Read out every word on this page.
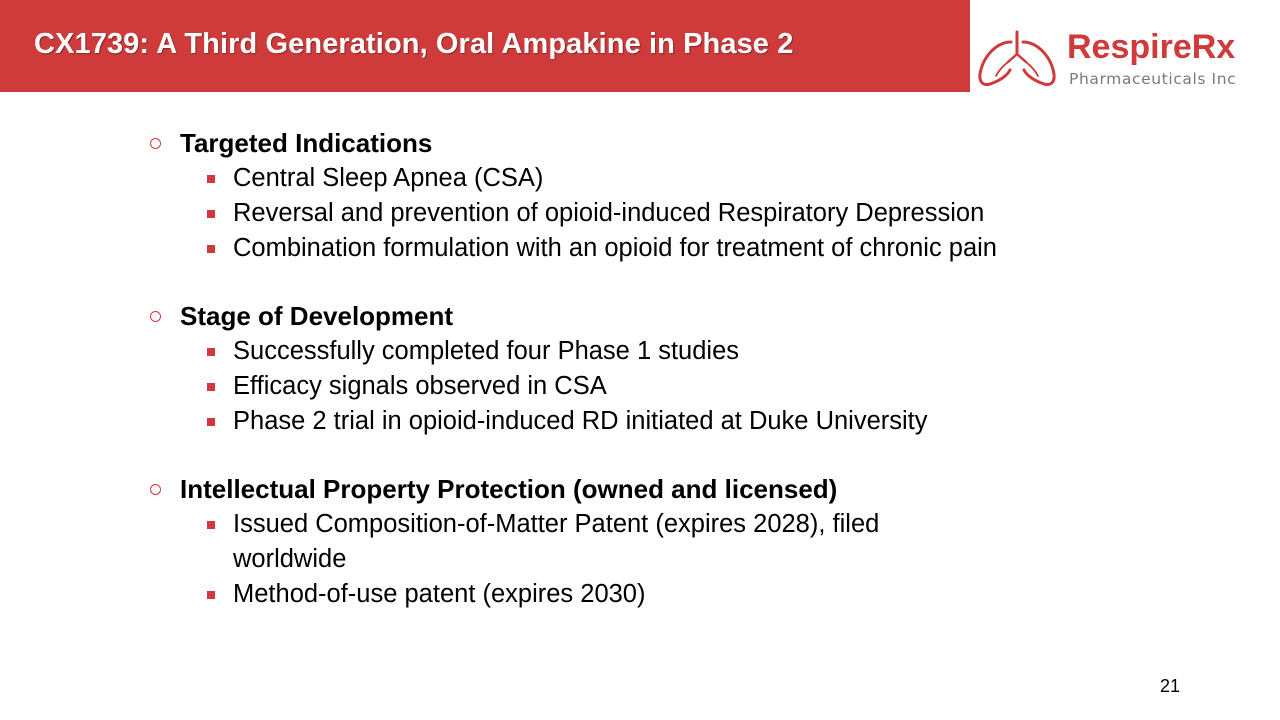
CX1739: A Third Generation, Oral Ampakine in Phase 2	RespireRx
Pharmaceuticals Inc
Targeted Indications
Central Sleep Apnea (CSA)
Reversal and prevention of opioid-induced Respiratory Depression
Combination formulation with an opioid for treatment of chronic pain
Stage of Development
Successfully completed four Phase 1 studies
Efficacy signals observed in CSA
Phase 2 trial in opioid-induced RD initiated at Duke University
Intellectual Property Protection (owned and licensed)
Issued Composition-of-Matter Patent (expires 2028), filed worldwide
Method-of-use patent (expires 2030)
21
